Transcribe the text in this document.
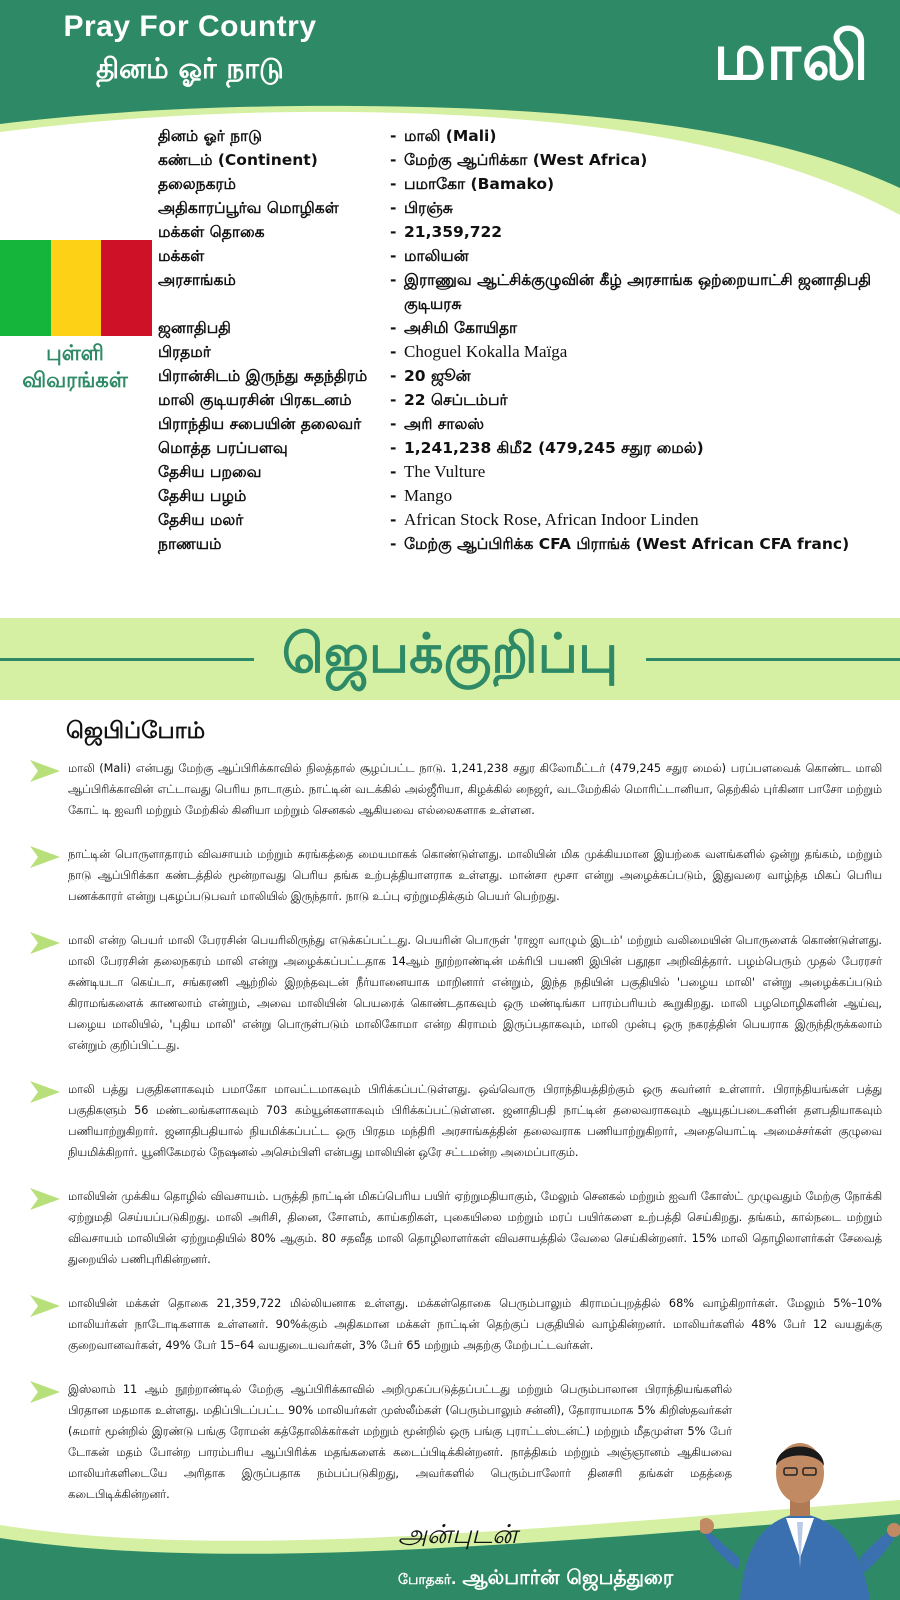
Pray For Country
தினம் ஓர் நாடு	மாலி
புள்ளி
விவரங்கள்
தினம் ஓர் நாடு	- மாலி (Mali)
கண்டம் (Continent)	- மேற்கு ஆப்ரிக்கா (West Africa)
தலைநகரம்	- பமாகோ (Bamako)
அதிகாரப்பூர்வ மொழிகள்	- பிரஞ்சு
மக்கள் தொகை	- 21,359,722
மக்கள்	- மாலியன்
அரசாங்கம்	- இராணுவ ஆட்சிக்குழுவின் கீழ் அரசாங்க ஒற்றையாட்சி ஜனாதிபதி குடியரசு
ஜனாதிபதி	- அசிமி கோயிதா
பிரதமர்	- Choguel Kokalla Maïga
பிரான்சிடம் இருந்து சுதந்திரம்	- 20 ஜூன்
மாலி குடியரசின் பிரகடனம்	- 22 செப்டம்பர்
பிராந்திய சபையின் தலைவர்	- அரி சாலஸ்
மொத்த பரப்பளவு	- 1,241,238 கிமீ2 (479,245 சதுர மைல்)
தேசிய பறவை	- The Vulture
தேசிய பழம்	- Mango
தேசிய மலர்	- African Stock Rose, African Indoor Linden
நாணயம்	- மேற்கு ஆப்பிரிக்க CFA பிராங்க் (West African CFA franc)
ஜெபக்குறிப்பு
ஜெபிப்போம்
மாலி (Mali) என்பது மேற்கு ஆப்பிரிக்காவில் நிலத்தால் சூழப்பட்ட நாடு. 1,241,238 சதுர கிலோமீட்டர் (479,245 சதுர மைல்) பரப்பளவைக் கொண்ட மாலி ஆப்பிரிக்காவின் எட்டாவது பெரிய நாடாகும். நாட்டின் வடக்கில் அல்ஜீரியா, கிழக்கில் நைஜர், வடமேற்கில் மொரிட்டானியா, தெற்கில் புர்கினா பாசோ மற்றும் கோட் டி ஐவரி மற்றும் மேற்கில் கினியா மற்றும் செனகல் ஆகியவை எல்லைகளாக உள்ளன.
நாட்டின் பொருளாதாரம் விவசாயம் மற்றும் சுரங்கத்தை மையமாகக் கொண்டுள்ளது. மாலியின் மிக முக்கியமான இயற்கை வளங்களில் ஒன்று தங்கம், மற்றும் நாடு ஆப்பிரிக்கா கண்டத்தில் மூன்றாவது பெரிய தங்க உற்பத்தியாளராக உள்ளது. மான்சா மூசா என்று அழைக்கப்படும், இதுவரை வாழ்ந்த மிகப் பெரிய பணக்காரர் என்று புகழப்படுபவர் மாலியில் இருந்தார். நாடு உப்பு ஏற்றுமதிக்கும் பெயர் பெற்றது.
மாலி என்ற பெயர் மாலி பேரரசின் பெயரிலிருந்து எடுக்கப்பட்டது. பெயரின் பொருள் 'ராஜா வாழும் இடம்' மற்றும் வலிமையின் பொருளைக் கொண்டுள்ளது. மாலி பேரரசின் தலைநகரம் மாலி என்று அழைக்கப்பட்டதாக 14ஆம் நூற்றாண்டின் மக்ரிபி பயணி இபின் பதூதா அறிவித்தார். பழம்பெரும் முதல் பேரரசர் சுண்டியடா கெய்டா, சங்கரணி ஆற்றில் இறந்தவுடன் நீர்யானையாக மாறினார் என்றும், இந்த நதியின் பகுதியில் 'பழைய மாலி' என்று அழைக்கப்படும் கிராமங்களைக் காணலாம் என்றும், அவை மாலியின் பெயரைக் கொண்டதாகவும் ஒரு மண்டிங்கா பாரம்பரியம் கூறுகிறது. மாலி பழமொழிகளின் ஆய்வு, பழைய மாலியில், 'புதிய மாலி' என்று பொருள்படும் மாலிகோமா என்ற கிராமம் இருப்பதாகவும், மாலி முன்பு ஒரு நகரத்தின் பெயராக இருந்திருக்கலாம் என்றும் குறிப்பிட்டது.
மாலி பத்து பகுதிகளாகவும் பமாகோ மாவட்டமாகவும் பிரிக்கப்பட்டுள்ளது. ஒவ்வொரு பிராந்தியத்திற்கும் ஒரு கவர்னர் உள்ளார். பிராந்தியங்கள் பத்து பகுதிகளும் 56 மண்டலங்களாகவும் 703 கம்யூன்களாகவும் பிரிக்கப்பட்டுள்ளன. ஜனாதிபதி நாட்டின் தலைவராகவும் ஆயுதப்படைகளின் தளபதியாகவும் பணியாற்றுகிறார். ஜனாதிபதியால் நியமிக்கப்பட்ட ஒரு பிரதம மந்திரி அரசாங்கத்தின் தலைவராக பணியாற்றுகிறார், அதையொட்டி அமைச்சர்கள் குழுவை நியமிக்கிறார். யூனிகேமரல் நேஷனல் அசெம்பிளி என்பது மாலியின் ஒரே சட்டமன்ற அமைப்பாகும்.
மாலியின் முக்கிய தொழில் விவசாயம். பருத்தி நாட்டின் மிகப்பெரிய பயிர் ஏற்றுமதியாகும், மேலும் செனகல் மற்றும் ஐவரி கோஸ்ட் முழுவதும் மேற்கு நோக்கி ஏற்றுமதி செய்யப்படுகிறது. மாலி அரிசி, தினை, சோளம், காய்கறிகள், புகையிலை மற்றும் மரப் பயிர்களை உற்பத்தி செய்கிறது. தங்கம், கால்நடை மற்றும் விவசாயம் மாலியின் ஏற்றுமதியில் 80% ஆகும். 80 சதவீத மாலி தொழிலாளர்கள் விவசாயத்தில் வேலை செய்கின்றனர். 15% மாலி தொழிலாளர்கள் சேவைத் துறையில் பணிபுரிகின்றனர்.
மாலியின் மக்கள் தொகை 21,359,722 மில்லியனாக உள்ளது. மக்கள்தொகை பெரும்பாலும் கிராமப்புறத்தில் 68% வாழ்கிறார்கள். மேலும் 5%–10% மாலியர்கள் நாடோடிகளாக உள்ளனர். 90%க்கும் அதிகமான மக்கள் நாட்டின் தெற்குப் பகுதியில் வாழ்கின்றனர். மாலியர்களில் 48% பேர் 12 வயதுக்கு குறைவானவர்கள், 49% பேர் 15–64 வயதுடையவர்கள், 3% பேர் 65 மற்றும் அதற்கு மேற்பட்டவர்கள்.
இஸ்லாம் 11 ஆம் நூற்றாண்டில் மேற்கு ஆப்பிரிக்காவில் அறிமுகப்படுத்தப்பட்டது மற்றும் பெரும்பாலான பிராந்தியங்களில் பிரதான மதமாக உள்ளது. மதிப்பிடப்பட்ட 90% மாலியர்கள் முஸ்லீம்கள் (பெரும்பாலும் சன்னி), தோராயமாக 5% கிறிஸ்தவர்கள் (சுமார் மூன்றில் இரண்டு பங்கு ரோமன் கத்தோலிக்கர்கள் மற்றும் மூன்றில் ஒரு பங்கு புராட்டஸ்டன்ட்) மற்றும் மீதமுள்ள 5% பேர் டோகன் மதம் போன்ற பாரம்பரிய ஆப்பிரிக்க மதங்களைக் கடைப்பிடிக்கின்றனர். நாத்திகம் மற்றும் அஞ்ஞானம் ஆகியவை மாலியர்களிடையே அரிதாக இருப்பதாக நம்பப்படுகிறது, அவர்களில் பெரும்பாலோர் தினசரி தங்கள் மதத்தை கடைபிடிக்கின்றனர்.
அன்புடன்
போதகர். ஆல்பார்ன் ஜெபத்துரை
